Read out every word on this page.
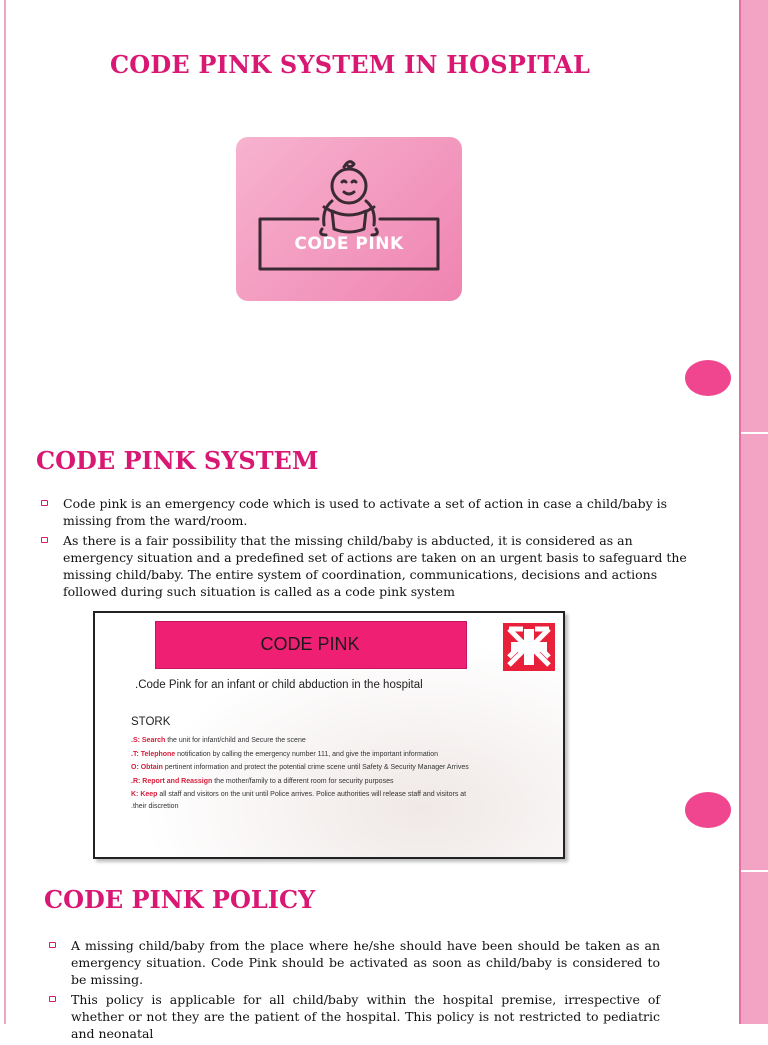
CODE PINK SYSTEM IN HOSPITAL
CODE PINK
CODE PINK SYSTEM
Code pink is an emergency code which is used to activate a set of action in case a child/baby is missing from the ward/room.
As there is a fair possibility that the missing child/baby is abducted, it is considered as an emergency situation and a predefined set of actions are taken on an urgent basis to safeguard the missing child/baby. The entire system of coordination, communications, decisions and actions followed during such situation is called as a code pink system
CODE PINK
.Code Pink for an infant or child abduction in the hospital
STORK
.S: Search the unit for infant/child and Secure the scene
.T: Telephone notification by calling the emergency number 111, and give the important information
O: Obtain pertinent information and protect the potential crime scene until Safety & Security Manager Arrives
.R: Report and Reassign the mother/family to a different room for security purposes
K: Keep all staff and visitors on the unit until Police arrives. Police authorities will release staff and visitors at
.their discretion
CODE PINK POLICY
A missing child/baby from the place where he/she should have been should be taken as an emergency situation. Code Pink should be activated as soon as child/baby is considered to be missing.
This policy is applicable for all child/baby within the hospital premise, irrespective of whether or not they are the patient of the hospital. This policy is not restricted to pediatric and neonatal
